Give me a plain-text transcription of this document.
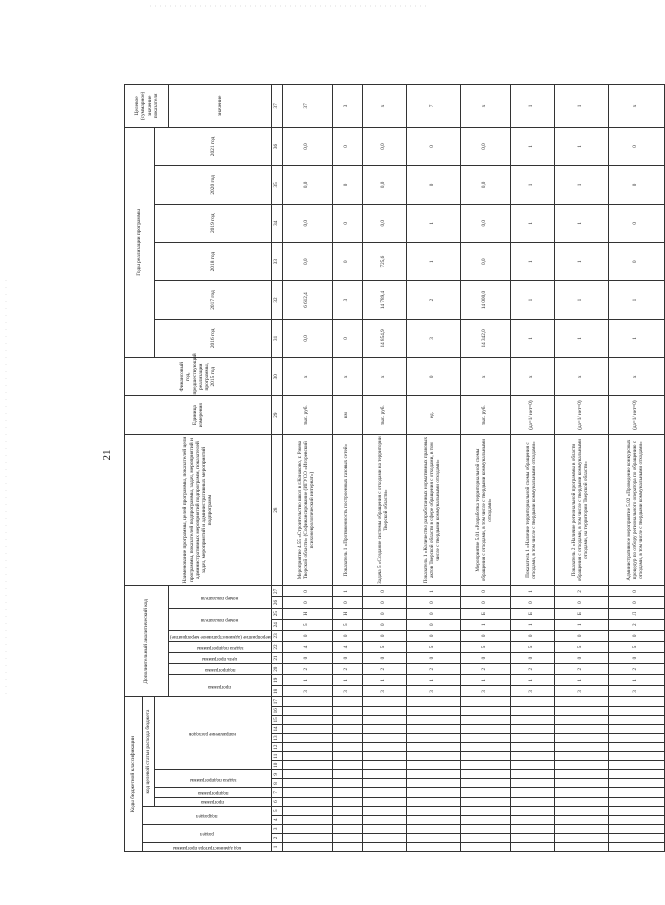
21
Коды бюджетной классификации																	Дополнительный аналитический код										Наименование программы, целей программы, показателей цели программы, показателей подпрограммы, задач, мероприятий и административных мероприятий подпрограмм, показателей задач, мероприятий и административных мероприятий подпрограмм	Единица измерения	Финансовый год, предшествующий реализации программы, 2015 год	Годы реализации программы						Целевое (суммарное) значение показателя

код администратора программы	раздел		подраздел		код целевой статьи расхода бюджета																															

					программа	подпрограмма	задача подпрограммы		направление расходов																					2016 год	2017 год	2018 год	2019 год	2020 год	2021 год	

																	программа		подпрограмма	цель программы	задача подпрограммы	мероприятие (административное мероприятие)	номер показателя		номер показателя											значение
1	2	3	4	5	6	7	8	9	10	11	12	13	14	15	16	17	18	19	20	21	22	23	24	25	26	27	28	29	30	31	32	33	34	35	36	37
																	3	1	2	0	4	0	5	Н	0	0	Мероприятие 4.55 «Строительство школ в г.Конаково, г. Ржева Тверской области» (Софинансирование (ИГУСО «Игоревский психоневрологический интернат»)	тыс. руб.	х	0,0	6 612,4	0,0	0,0	0,0	0,0	37
																	3	1	2	0	4	0	5	Н	0	1	Показатель 1 «Протяженность построенных газовых сетей»	км	х	0	3	0	0	0	0	3
																	3	1	2	0	5	0	0	0	0	0	Задача 5 «Создание системы обращения с отходами на территории Тверской области»	тыс. руб.	х	14 854,9	14 789,4	725,6	0,0	0,0	0,0	х
																	3	1	2	0	5	0	0	0	0	1	Показатель 1 «Количество разработанных нормативных правовых актов Тверской области в сфере обращения с отходами, в том числе с твердыми коммунальными отходами»	ед.	0	3	2	1	1	0	0	7
																	3	1	2	0	5	0	1	Б	0	0	Мероприятие 5.01 «Разработка территориальной схемы обращения с отходами, в том числе с твердыми коммунальными отходами»	тыс. руб.	х	14 342,0	14 000,0	0,0	0,0	0,0	0,0	х
																	3	1	2	0	5	0	1	Б	0	1	Показатель 1 «Наличие территориальной схемы обращения с отходами, в том числе с твердыми коммунальными отходами»	(да=1/ нет=0)	х	1	1	1	1	1	1	1
																	3	1	2	0	5	0	1	Б	0	2	Показатель 2 «Наличие региональной программы в области обращения с отходами, в том числе с твердыми коммунальными отходами, на территории Тверской области»	(да=1/ нет=0)	х	1	1	1	1	1	1	1
																	3	1	2	0	5	0	2	Л	0	0	Административное мероприятие 5.02 «Проведение конкурсных процедур по отбору регионального оператора по обращению с отходами, в том числе с твердыми коммунальными отходами»	(да=1/ нет=0)	х	1	1	0	0	0	0	х
